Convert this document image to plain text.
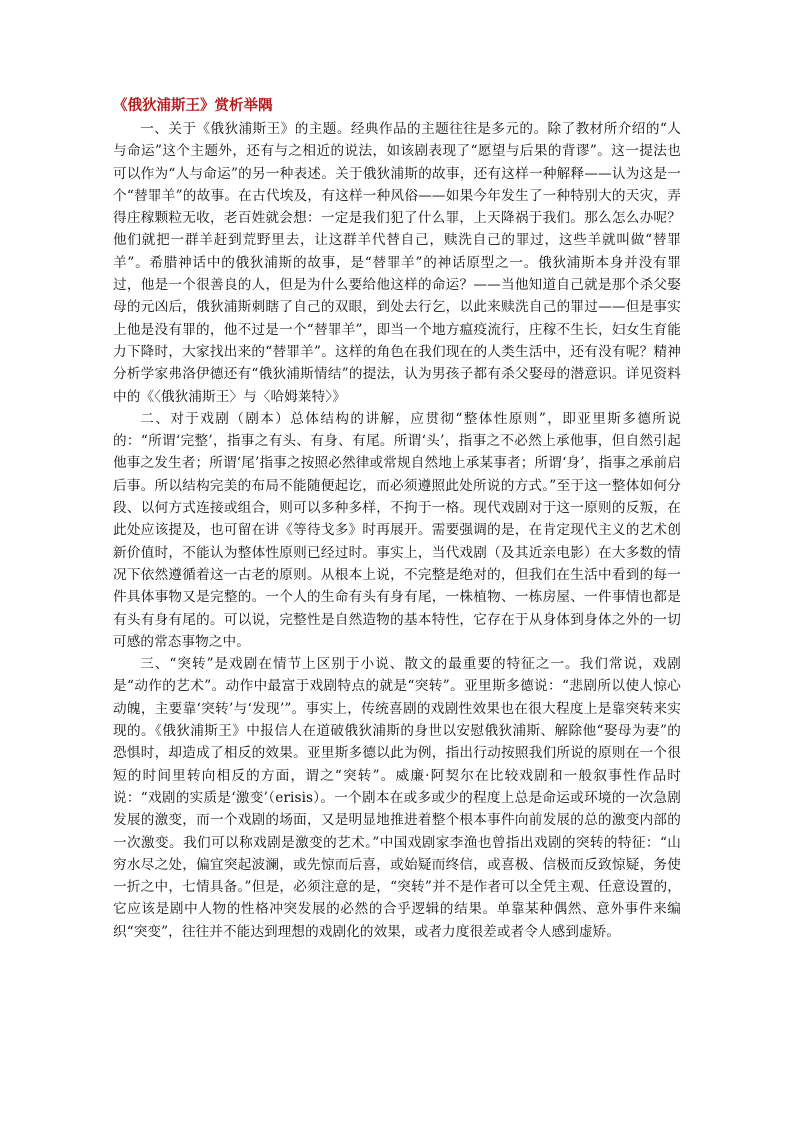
《俄狄浦斯王》赏析举隅

一、关于《俄狄浦斯王》的主题。经典作品的主题往往是多元的。除了教材所介绍的“人与命运”这个主题外，还有与之相近的说法，如该剧表现了“愿望与后果的背谬”。这一提法也可以作为“人与命运”的另一种表述。关于俄狄浦斯的故事，还有这样一种解释——认为这是一个“替罪羊”的故事。在古代埃及，有这样一种风俗——如果今年发生了一种特别大的天灾，弄得庄稼颗粒无收，老百姓就会想：一定是我们犯了什么罪，上天降祸于我们。那么怎么办呢？他们就把一群羊赶到荒野里去，让这群羊代替自己，赎洗自己的罪过，这些羊就叫做“替罪羊”。希腊神话中的俄狄浦斯的故事，是“替罪羊”的神话原型之一。俄狄浦斯本身并没有罪过，他是一个很善良的人，但是为什么要给他这样的命运？——当他知道自己就是那个杀父娶母的元凶后，俄狄浦斯刺瞎了自己的双眼，到处去行乞，以此来赎洗自己的罪过——但是事实上他是没有罪的，他不过是一个“替罪羊”，即当一个地方瘟疫流行，庄稼不生长，妇女生育能力下降时，大家找出来的“替罪羊”。这样的角色在我们现在的人类生活中，还有没有呢？精神分析学家弗洛伊德还有“俄狄浦斯情结”的提法，认为男孩子都有杀父娶母的潜意识。详见资料中的《〈俄狄浦斯王〉与〈哈姆莱特〉》

二、对于戏剧（剧本）总体结构的讲解，应贯彻“整体性原则”，即亚里斯多德所说的：“所谓‘完整’，指事之有头、有身、有尾。所谓‘头’，指事之不必然上承他事，但自然引起他事之发生者；所谓‘尾’指事之按照必然律或常规自然地上承某事者；所谓‘身’，指事之承前启后事。所以结构完美的布局不能随便起讫，而必须遵照此处所说的方式。”至于这一整体如何分段、以何方式连接或组合，则可以多种多样，不拘于一格。现代戏剧对于这一原则的反叛，在此处应该提及，也可留在讲《等待戈多》时再展开。需要强调的是，在肯定现代主义的艺术创新价值时，不能认为整体性原则已经过时。事实上，当代戏剧（及其近亲电影）在大多数的情况下依然遵循着这一古老的原则。从根本上说，不完整是绝对的，但我们在生活中看到的每一件具体事物又是完整的。一个人的生命有头有身有尾，一株植物、一栋房屋、一件事情也都是有头有身有尾的。可以说，完整性是自然造物的基本特性，它存在于从身体到身体之外的一切可感的常态事物之中。

三、“突转”是戏剧在情节上区别于小说、散文的最重要的特征之一。我们常说，戏剧是“动作的艺术”。动作中最富于戏剧特点的就是“突转”。亚里斯多德说：“悲剧所以使人惊心动魄，主要靠‘突转’与‘发现’”。事实上，传统喜剧的戏剧性效果也在很大程度上是靠突转来实现的。《俄狄浦斯王》中报信人在道破俄狄浦斯的身世以安慰俄狄浦斯、解除他“娶母为妻”的恐惧时，却造成了相反的效果。亚里斯多德以此为例，指出行动按照我们所说的原则在一个很短的时间里转向相反的方面，谓之“突转”。威廉·阿契尔在比较戏剧和一般叙事性作品时说：“戏剧的实质是‘激变’（erisis）。一个剧本在或多或少的程度上总是命运或环境的一次急剧发展的激变，而一个戏剧的场面，又是明显地推进着整个根本事件向前发展的总的激变内部的一次激变。我们可以称戏剧是激变的艺术。”中国戏剧家李渔也曾指出戏剧的突转的特征：“山穷水尽之处，偏宜突起波澜，或先惊而后喜，或始疑而终信，或喜极、信极而反致惊疑，务使一折之中，七情具备。”但是，必须注意的是，“突转”并不是作者可以全凭主观、任意设置的，它应该是剧中人物的性格冲突发展的必然的合乎逻辑的结果。单靠某种偶然、意外事件来编织“突变”，往往并不能达到理想的戏剧化的效果，或者力度很差或者令人感到虚矫。
